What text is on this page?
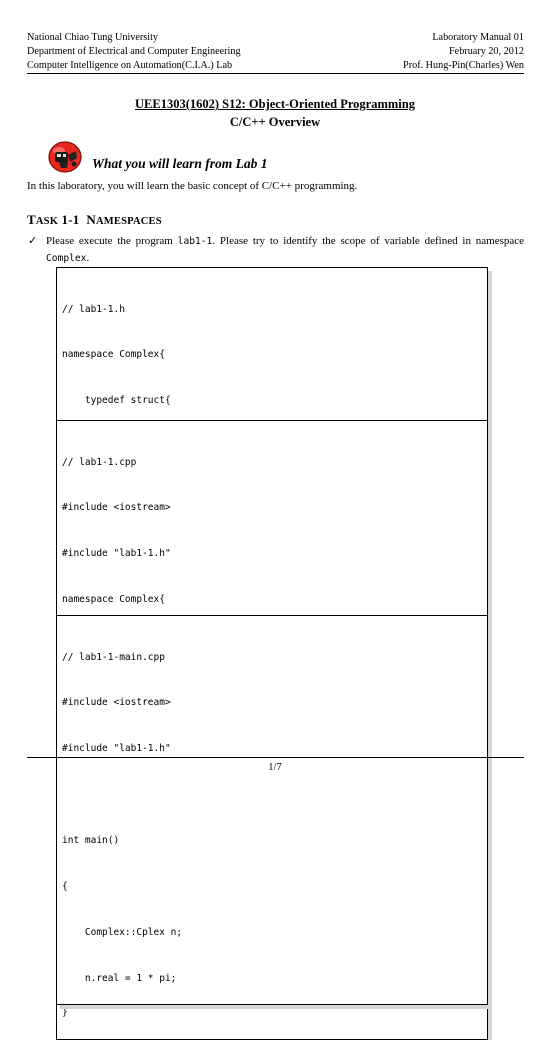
National Chiao Tung University	Laboratory Manual 01
Department of Electrical and Computer Engineering	February 20, 2012
Computer Intelligence on Automation(C.I.A.) Lab	Prof. Hung-Pin(Charles) Wen
UEE1303(1602) S12: Object-Oriented Programming
C/C++ Overview
What you will learn from Lab 1
In this laboratory, you will learn the basic concept of C/C++ programming.
TASK 1-1  NAMESPACES
✓ Please execute the program lab1-1. Please try to identify the scope of variable defined in namespace Complex.

// lab1-1.h

namespace Complex{

typedef struct{

// lab1-1.cpp

#include <iostream>

#include "lab1-1.h"

namespace Complex{

}

// lab1-1-main.cpp

#include <iostream>

#include "lab1-1.h"

int main()

{

Complex::Cplex n;

n.real = 1 * pi;

1/7
